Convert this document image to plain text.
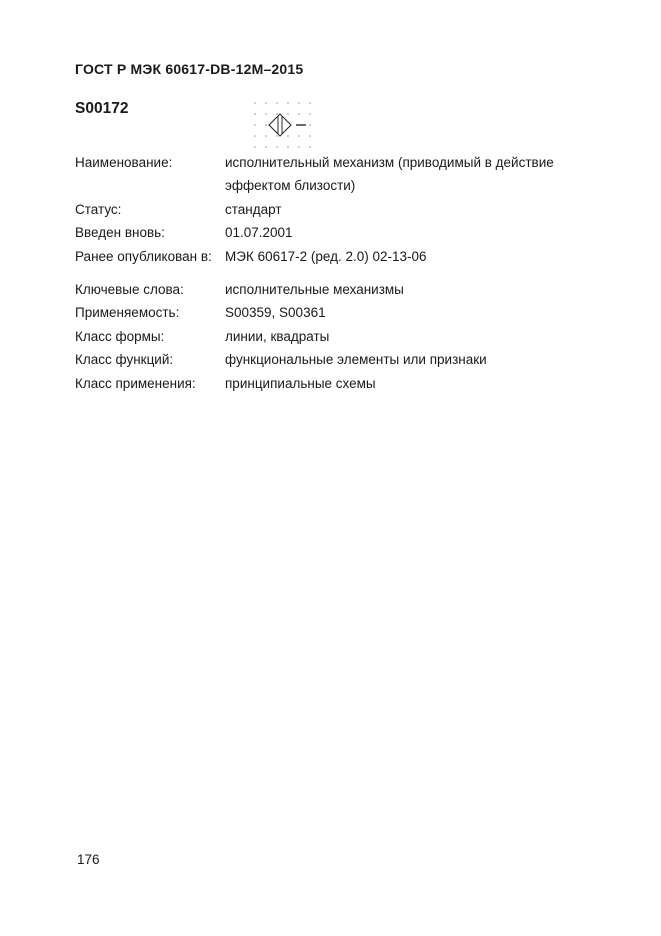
ГОСТ Р МЭК 60617-DB-12M–2015
S00172
Наименование:	исполнительный механизм (приводимый в действие эффектом близости)
Статус:	стандарт
Введен вновь:	01.07.2001
Ранее опубликован в: МЭК 60617-2 (ред. 2.0) 02-13-06
Ключевые слова:	исполнительные механизмы
Применяемость:	S00359, S00361
Класс формы:	линии, квадраты
Класс функций:	функциональные элементы или признаки
Класс применения:	принципиальные схемы
176
